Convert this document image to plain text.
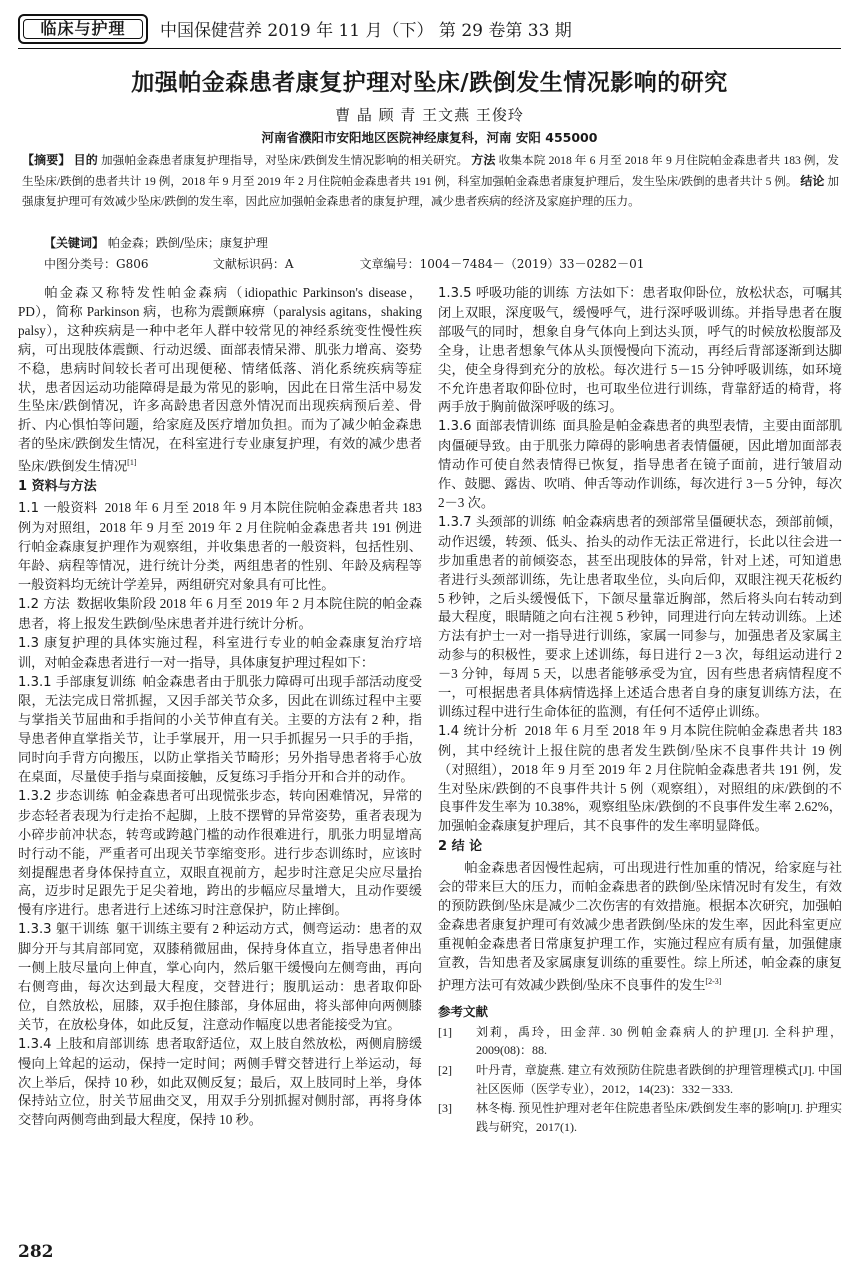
临床与护理	中国保健营养 2019 年 11 月（下） 第 29 卷第 33 期
加强帕金森患者康复护理对坠床/跌倒发生情况影响的研究
曹 晶 顾 青 王文燕 王俊玲
河南省濮阳市安阳地区医院神经康复科，河南 安阳 455000
【摘要】 目的 加强帕金森患者康复护理指导，对坠床/跌倒发生情况影响的相关研究。 方法 收集本院 2018 年 6 月至 2018 年 9 月住院帕金森患者共 183 例，发生坠床/跌倒的患者共计 19 例，2018 年 9 月至 2019 年 2 月住院帕金森患者共 191 例，科室加强帕金森患者康复护理后，发生坠床/跌倒的患者共计 5 例。 结论 加强康复护理可有效减少坠床/跌倒的发生率，因此应加强帕金森患者的康复护理，减少患者疾病的经济及家庭护理的压力。
【关键词】 帕金森；跌倒/坠床；康复护理
中图分类号：G806	文献标识码：A	文章编号：1004－7484－（2019）33－0282－01

帕金森又称特发性帕金森病（idiopathic Parkinson's disease，PD），简称 Parkinson 病，也称为震颤麻痹（paralysis agitans，shaking palsy），这种疾病是一种中老年人群中较常见的神经系统变性慢性疾病，可出现肢体震颤、行动迟缓、面部表情呆滞、肌张力增高、姿势不稳，患病时间较长者可出现便秘、情绪低落、消化系统疾病等症状，患者因运动功能障碍是最为常见的影响，因此在日常生活中易发生坠床/跌倒情况，许多高龄患者因意外情况而出现疾病预后差、骨折、内心惧怕等问题，给家庭及医疗增加负担。而为了减少帕金森患者的坠床/跌倒发生情况，在科室进行专业康复护理，有效的减少患者坠床/跌倒发生情况[1]

1 资料与方法

1.1 一般资料 2018 年 6 月至 2018 年 9 月本院住院帕金森患者共 183 例为对照组，2018 年 9 月至 2019 年 2 月住院帕金森患者共 191 例进行帕金森康复护理作为观察组，并收集患者的一般资料，包括性别、年龄、病程等情况，进行统计分类，两组患者的性别、年龄及病程等一般资料均无统计学差异，两组研究对象具有可比性。

1.2 方法 数据收集阶段 2018 年 6 月至 2019 年 2 月本院住院的帕金森患者，将上报发生跌倒/坠床患者并进行统计分析。

1.3 康复护理的具体实施过程，科室进行专业的帕金森康复治疗培训，对帕金森患者进行一对一指导，具体康复护理过程如下：

1.3.1 手部康复训练 帕金森患者由于肌张力障碍可出现手部活动度受限，无法完成日常抓握，又因手部关节众多，因此在训练过程中主要与掌指关节屈曲和手指间的小关节伸直有关。主要的方法有 2 种，指导患者伸直掌指关节，让手掌展开，用一只手抓握另一只手的手指，同时向手背方向搬压，以防止掌指关节畸形；另外指导患者将手心放在桌面，尽量使手指与桌面接触，反复练习手指分开和合并的动作。

1.3.2 步态训练 帕金森患者可出现慌张步态，转向困难情况，异常的步态轻者表现为行走抬不起脚，上肢不摆臂的异常姿势，重者表现为小碎步前冲状态，转弯或跨越门槛的动作很难进行，肌张力明显增高时行动不能，严重者可出现关节挛缩变形。进行步态训练时，应该时刻提醒患者身体保持直立，双眼直视前方，起步时注意足尖应尽量抬高，迈步时足跟先于足尖着地，跨出的步幅应尽量增大，且动作要缓慢有序进行。患者进行上述练习时注意保护，防止摔倒。

1.3.3 躯干训练 躯干训练主要有 2 种运动方式，侧弯运动：患者的双脚分开与其肩部同宽，双膝稍微屈曲，保持身体直立，指导患者伸出一侧上肢尽量向上伸直，掌心向内，然后躯干缓慢向左侧弯曲，再向右侧弯曲，每次达到最大程度，交替进行；腹肌运动：患者取仰卧位，自然放松，屈膝，双手抱住膝部，身体屈曲，将头部伸向两侧膝关节，在放松身体，如此反复，注意动作幅度以患者能接受为宜。

1.3.4 上肢和肩部训练 患者取舒适位，双上肢自然放松，两侧肩膀缓慢向上耸起的运动，保持一定时间；两侧手臂交替进行上举运动，每次上举后，保持 10 秒，如此双侧反复；最后，双上肢同时上举，身体保持站立位，肘关节屈曲交叉，用双手分别抓握对侧肘部，再将身体交替向两侧弯曲到最大程度，保持 10 秒。

1.3.5 呼吸功能的训练 方法如下：患者取仰卧位，放松状态，可嘱其闭上双眼，深度吸气，缓慢呼气，进行深呼吸训练。并指导患者在腹部吸气的同时，想象自身气体向上到达头顶，呼气的时候放松腹部及全身，让患者想象气体从头顶慢慢向下流动，再经后背部逐渐到达脚尖，使全身得到充分的放松。每次进行 5－15 分钟呼吸训练，如环境不允许患者取仰卧位时，也可取坐位进行训练，背靠舒适的椅背，将两手放于胸前做深呼吸的练习。

1.3.6 面部表情训练 面具脸是帕金森患者的典型表情，主要由面部肌肉僵硬导致。由于肌张力障碍的影响患者表情僵硬，因此增加面部表情动作可使自然表情得已恢复，指导患者在镜子面前，进行皱眉动作、鼓腮、露齿、吹哨、伸舌等动作训练，每次进行 3－5 分钟，每次 2－3 次。

1.3.7 头颈部的训练 帕金森病患者的颈部常呈僵硬状态，颈部前倾，动作迟缓，转颈、低头、抬头的动作无法正常进行，长此以往会进一步加重患者的前倾姿态，甚至出现肢体的异常，针对上述，可知道患者进行头颈部训练，先让患者取坐位，头向后仰，双眼注视天花板约 5 秒钟，之后头缓慢低下，下颌尽量靠近胸部，然后将头向右转动到最大程度，眼睛随之向右注视 5 秒钟，同理进行向左转动训练。上述方法有护士一对一指导进行训练，家属一同参与，加强患者及家属主动参与的积极性，要求上述训练，每日进行 2－3 次，每组运动进行 2－3 分钟，每周 5 天，以患者能够承受为宜，因有些患者病情程度不一，可根据患者具体病情选择上述适合患者自身的康复训练方法，在训练过程中进行生命体征的监测，有任何不适停止训练。

1.4 统计分析 2018 年 6 月至 2018 年 9 月本院住院帕金森患者共 183 例，其中经统计上报住院的患者发生跌倒/坠床不良事件共计 19 例（对照组），2018 年 9 月至 2019 年 2 月住院帕金森患者共 191 例，发生对坠床/跌倒的不良事件共计 5 例（观察组），对照组的床/跌倒的不良事件发生率为 10.38%，观察组坠床/跌倒的不良事件发生率 2.62%，加强帕金森康复护理后，其不良事件的发生率明显降低。

2 结 论

帕金森患者因慢性起病，可出现进行性加重的情况，给家庭与社会的带来巨大的压力，而帕金森患者的跌倒/坠床情况时有发生，有效的预防跌倒/坠床是减少二次伤害的有效措施。根据本次研究，加强帕金森患者康复护理可有效减少患者跌倒/坠床的发生率，因此科室更应重视帕金森患者日常康复护理工作，实施过程应有质有量，加强健康宣教，告知患者及家属康复训练的重要性。综上所述，帕金森的康复护理方法可有效减少跌倒/坠床不良事件的发生[2-3]

参考文献
[1]	刘莉，禹玲，田金萍. 30 例帕金森病人的护理[J]. 全科护理，2009(08)：88.
[2]	叶丹青，章旋燕. 建立有效预防住院患者跌倒的护理管理模式[J]. 中国社区医师（医学专业），2012，14(23)：332－333.
[3]	林冬梅. 预见性护理对老年住院患者坠床/跌倒发生率的影响[J]. 护理实践与研究，2017(1).
282
